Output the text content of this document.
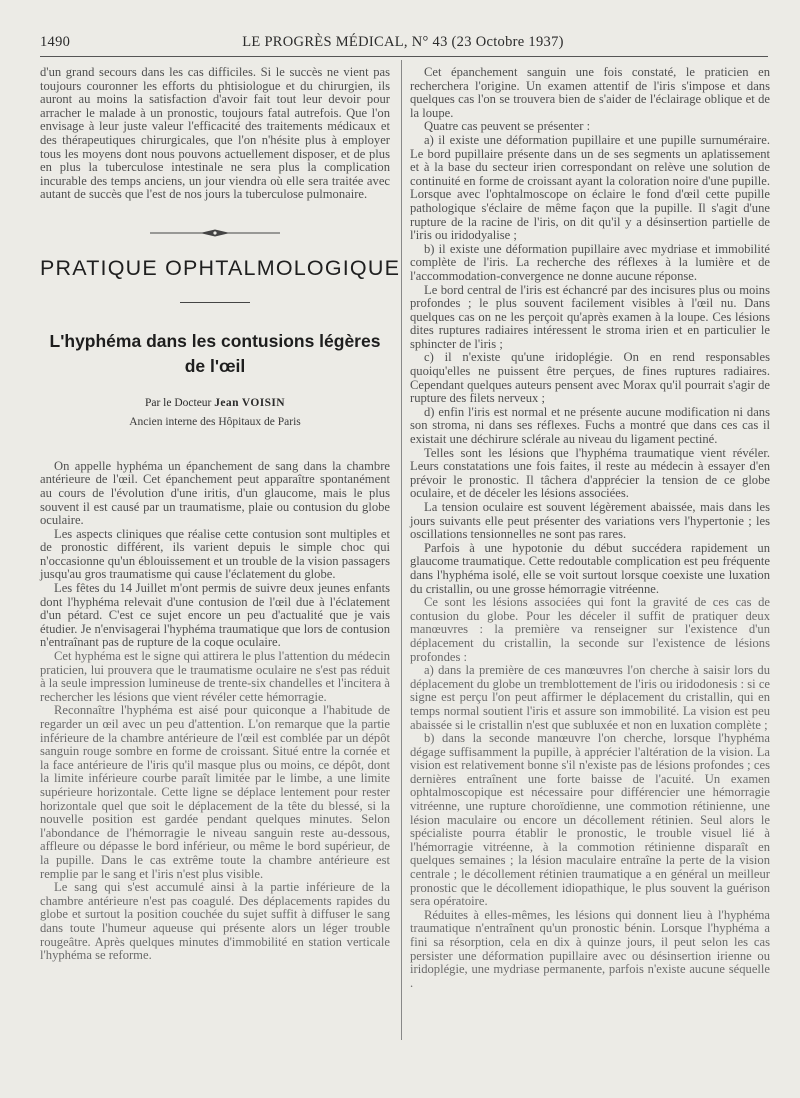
1490	LE PROGRÈS MÉDICAL, N° 43 (23 Octobre 1937)

d'un grand secours dans les cas difficiles. Si le succès ne vient pas toujours couronner les efforts du phtisiologue et du chirurgien, ils auront au moins la satisfaction d'avoir fait tout leur devoir pour arracher le malade à un pronostic, toujours fatal autrefois. Que l'on envisage à leur juste valeur l'efficacité des traitements médicaux et des thérapeutiques chirurgicales, que l'on n'hésite plus à employer tous les moyens dont nous pouvons actuellement disposer, et de plus en plus la tuberculose intestinale ne sera plus la complication incurable des temps anciens, un jour viendra où elle sera traitée avec autant de succès que l'est de nos jours la tuberculose pulmonaire.

PRATIQUE OPHTALMOLOGIQUE
L'hyphéma dans les contusions légères
de l'œil
Par le Docteur Jean VOISIN
Ancien interne des Hôpitaux de Paris

On appelle hyphéma un épanchement de sang dans la chambre antérieure de l'œil. Cet épanchement peut apparaître spontanément au cours de l'évolution d'une iritis, d'un glaucome, mais le plus souvent il est causé par un traumatisme, plaie ou contusion du globe oculaire.

Les aspects cliniques que réalise cette contusion sont multiples et de pronostic différent, ils varient depuis le simple choc qui n'occasionne qu'un éblouissement et un trouble de la vision passagers jusqu'au gros traumatisme qui cause l'éclatement du globe.

Les fêtes du 14 Juillet m'ont permis de suivre deux jeunes enfants dont l'hyphéma relevait d'une contusion de l'œil due à l'éclatement d'un pétard. C'est ce sujet encore un peu d'actualité que je vais étudier. Je n'envisagerai l'hyphéma traumatique que lors de contusion n'entraînant pas de rupture de la coque oculaire.

Cet hyphéma est le signe qui attirera le plus l'attention du médecin praticien, lui prouvera que le traumatisme oculaire ne s'est pas réduit à la seule impression lumineuse de trente-six chandelles et l'incitera à rechercher les lésions que vient révéler cette hémorragie.

Reconnaître l'hyphéma est aisé pour quiconque a l'habitude de regarder un œil avec un peu d'attention. L'on remarque que la partie inférieure de la chambre antérieure de l'œil est comblée par un dépôt sanguin rouge sombre en forme de croissant. Situé entre la cornée et la face antérieure de l'iris qu'il masque plus ou moins, ce dépôt, dont la limite inférieure courbe paraît limitée par le limbe, a une limite supérieure horizontale. Cette ligne se déplace lentement pour rester horizontale quel que soit le déplacement de la tête du blessé, si la nouvelle position est gardée pendant quelques minutes. Selon l'abondance de l'hémorragie le niveau sanguin reste au-dessous, affleure ou dépasse le bord inférieur, ou même le bord supérieur, de la pupille. Dans le cas extrême toute la chambre antérieure est remplie par le sang et l'iris n'est plus visible.

Le sang qui s'est accumulé ainsi à la partie inférieure de la chambre antérieure n'est pas coagulé. Des déplacements rapides du globe et surtout la position couchée du sujet suffit à diffuser le sang dans toute l'humeur aqueuse qui présente alors un léger trouble rougeâtre. Après quelques minutes d'immobilité en station verticale l'hyphéma se reforme.

Cet épanchement sanguin une fois constaté, le praticien en recherchera l'origine. Un examen attentif de l'iris s'impose et dans quelques cas l'on se trouvera bien de s'aider de l'éclairage oblique et de la loupe.

Quatre cas peuvent se présenter :

a) il existe une déformation pupillaire et une pupille surnuméraire. Le bord pupillaire présente dans un de ses segments un aplatissement et à la base du secteur irien correspondant on relève une solution de continuité en forme de croissant ayant la coloration noire d'une pupille. Lorsque avec l'ophtalmoscope on éclaire le fond d'œil cette pupille pathologique s'éclaire de même façon que la pupille. Il s'agit d'une rupture de la racine de l'iris, on dit qu'il y a désinsertion partielle de l'iris ou iridodyalise ;

b) il existe une déformation pupillaire avec mydriase et immobilité complète de l'iris. La recherche des réflexes à la lumière et de l'accommodation-convergence ne donne aucune réponse.

Le bord central de l'iris est échancré par des incisures plus ou moins profondes ; le plus souvent facilement visibles à l'œil nu. Dans quelques cas on ne les perçoit qu'après examen à la loupe. Ces lésions dites ruptures radiaires intéressent le stroma irien et en particulier le sphincter de l'iris ;

c) il n'existe qu'une iridoplégie. On en rend responsables quoiqu'elles ne puissent être perçues, de fines ruptures radiaires. Cependant quelques auteurs pensent avec Morax qu'il pourrait s'agir de rupture des filets nerveux ;

d) enfin l'iris est normal et ne présente aucune modification ni dans son stroma, ni dans ses réflexes. Fuchs a montré que dans ces cas il existait une déchirure sclérale au niveau du ligament pectiné.

Telles sont les lésions que l'hyphéma traumatique vient révéler. Leurs constatations une fois faites, il reste au médecin à essayer d'en prévoir le pronostic. Il tâchera d'apprécier la tension de ce globe oculaire, et de déceler les lésions associées.

La tension oculaire est souvent légèrement abaissée, mais dans les jours suivants elle peut présenter des variations vers l'hypertonie ; les oscillations tensionnelles ne sont pas rares.

Parfois à une hypotonie du début succédera rapidement un glaucome traumatique. Cette redoutable complication est peu fréquente dans l'hyphéma isolé, elle se voit surtout lorsque coexiste une luxation du cristallin, ou une grosse hémorragie vitréenne.

Ce sont les lésions associées qui font la gravité de ces cas de contusion du globe. Pour les déceler il suffit de pratiquer deux manœuvres : la première va renseigner sur l'existence d'un déplacement du cristallin, la seconde sur l'existence de lésions profondes :

a) dans la première de ces manœuvres l'on cherche à saisir lors du déplacement du globe un tremblottement de l'iris ou iridodonesis : si ce signe est perçu l'on peut affirmer le déplacement du cristallin, qui en temps normal soutient l'iris et assure son immobilité. La vision est peu abaissée si le cristallin n'est que subluxée et non en luxation complète ;

b) dans la seconde manœuvre l'on cherche, lorsque l'hyphéma dégage suffisamment la pupille, à apprécier l'altération de la vision. La vision est relativement bonne s'il n'existe pas de lésions profondes ; ces dernières entraînent une forte baisse de l'acuité. Un examen ophtalmoscopique est nécessaire pour différencier une hémorragie vitréenne, une rupture choroïdienne, une commotion rétinienne, une lésion maculaire ou encore un décollement rétinien. Seul alors le spécialiste pourra établir le pronostic, le trouble visuel lié à l'hémorragie vitréenne, à la commotion rétinienne disparaît en quelques semaines ; la lésion maculaire entraîne la perte de la vision centrale ; le décollement rétinien traumatique a en général un meilleur pronostic que le décollement idiopathique, le plus souvent la guérison sera opératoire.

Réduites à elles-mêmes, les lésions qui donnent lieu à l'hyphéma traumatique n'entraînent qu'un pronostic bénin. Lorsque l'hyphéma a fini sa résorption, cela en dix à quinze jours, il peut selon les cas persister une déformation pupillaire avec ou désinsertion irienne ou iridoplégie, une mydriase permanente, parfois n'existe aucune séquelle .
